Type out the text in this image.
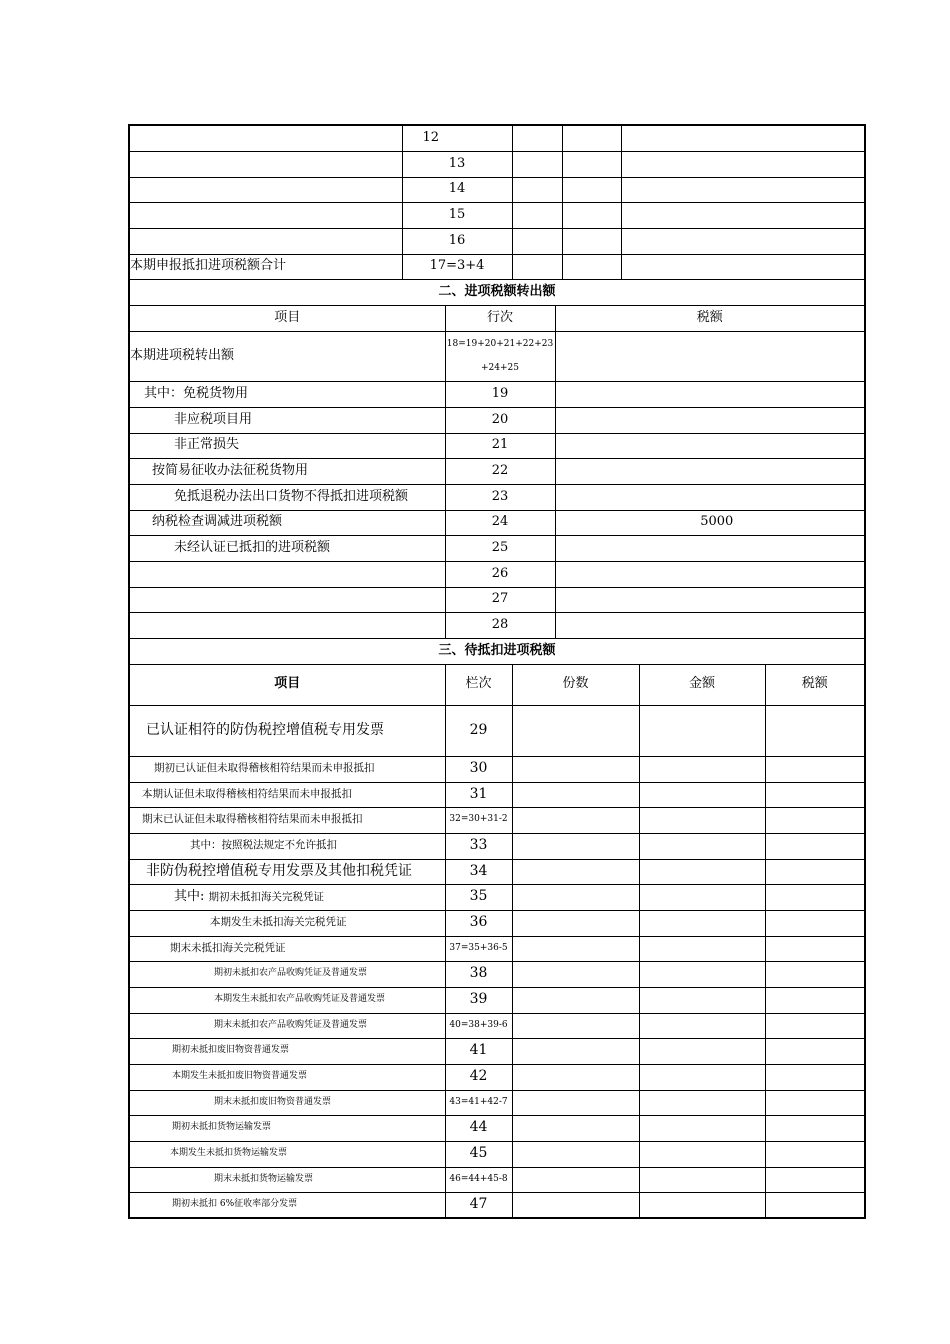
	12			
	13			
	14			
	15			
	16			
本期申报抵扣进项税额合计	17=3+4			
二、进项税额转出额		
项目	行次	税额
本期进项税转出额	18=19+20+21+22+23
+24+25	
其中：免税货物用	19	
非应税项目用	20	
非正常损失	21	
按简易征收办法征税货物用	22	
免抵退税办法出口货物不得抵扣进项税额	23	
纳税检查调减进项税额	24	5000
未经认证已抵扣的进项税额	25	
	26	
	27	
	28	
三、待抵扣进项税额				
项目	栏次	份数	金额	税额
已认证相符的防伪税控增值税专用发票	29			
期初已认证但未取得稽核相符结果而未申报抵扣	30			
本期认证但未取得稽核相符结果而未申报抵扣	31			
期末已认证但未取得稽核相符结果而未申报抵扣	32=30+31-2			
其中：按照税法规定不允许抵扣	33			
非防伪税控增值税专用发票及其他扣税凭证	34			
其中: 期初未抵扣海关完税凭证	35			
本期发生未抵扣海关完税凭证	36			
期末未抵扣海关完税凭证	37=35+36-5			
期初未抵扣农产品收购凭证及普通发票	38			
本期发生未抵扣农产品收购凭证及普通发票	39			
期末未抵扣农产品收购凭证及普通发票	40=38+39-6			
期初未抵扣废旧物资普通发票	41			
本期发生未抵扣废旧物资普通发票	42			
期末未抵扣废旧物资普通发票	43=41+42-7			
期初未抵扣货物运输发票	44			
本期发生未抵扣货物运输发票	45			
期末未抵扣货物运输发票	46=44+45-8			
期初未抵扣 6%征收率部分发票	47			
